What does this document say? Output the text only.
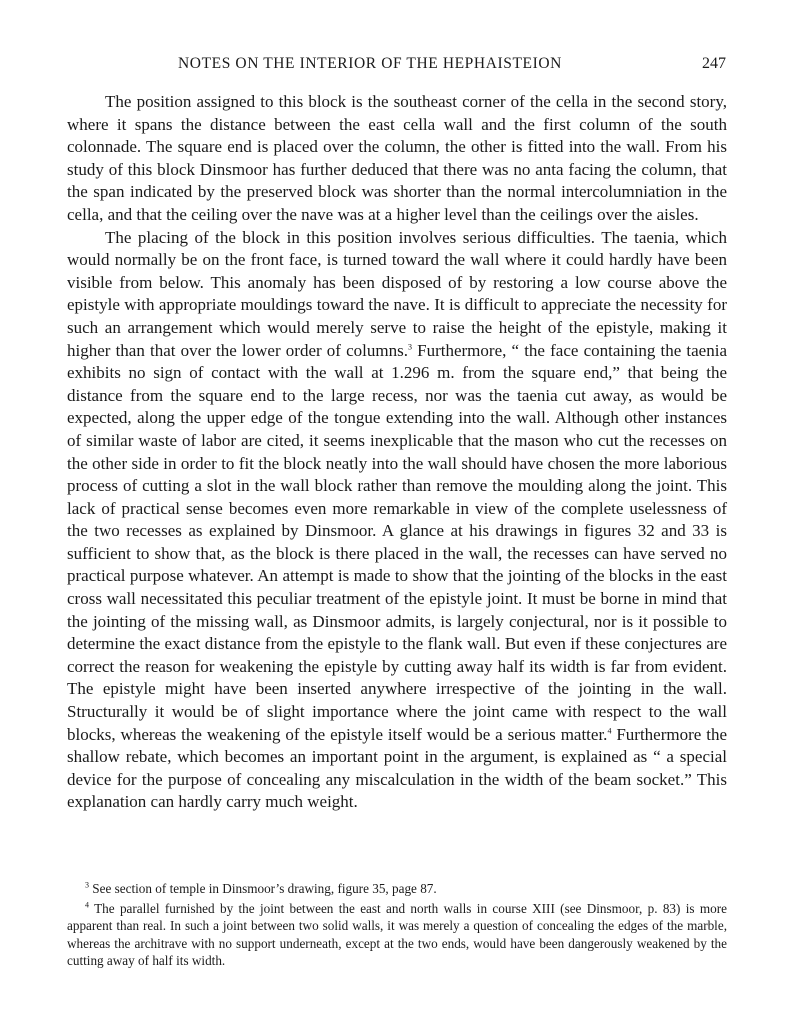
NOTES ON THE INTERIOR OF THE HEPHAISTEION	247

The position assigned to this block is the southeast corner of the cella in the second story, where it spans the distance between the east cella wall and the first column of the south colonnade. The square end is placed over the column, the other is fitted into the wall. From his study of this block Dinsmoor has further deduced that there was no anta facing the column, that the span indicated by the preserved block was shorter than the normal intercolumniation in the cella, and that the ceiling over the nave was at a higher level than the ceilings over the aisles.

The placing of the block in this position involves serious difficulties. The taenia, which would normally be on the front face, is turned toward the wall where it could hardly have been visible from below. This anomaly has been disposed of by restoring a low course above the epistyle with appropriate mouldings toward the nave. It is difficult to appreciate the necessity for such an arrangement which would merely serve to raise the height of the epistyle, making it higher than that over the lower order of columns.$^3$ Furthermore, “ the face containing the taenia exhibits no sign of contact with the wall at 1.296 m. from the square end,” that being the distance from the square end to the large recess, nor was the taenia cut away, as would be expected, along the upper edge of the tongue extending into the wall. Although other instances of similar waste of labor are cited, it seems inexplicable that the mason who cut the recesses on the other side in order to fit the block neatly into the wall should have chosen the more laborious process of cutting a slot in the wall block rather than remove the moulding along the joint. This lack of practical sense becomes even more remarkable in view of the complete uselessness of the two recesses as explained by Dinsmoor. A glance at his drawings in figures 32 and 33 is sufficient to show that, as the block is there placed in the wall, the recesses can have served no practical purpose whatever. An attempt is made to show that the jointing of the blocks in the east cross wall necessitated this peculiar treatment of the epistyle joint. It must be borne in mind that the jointing of the missing wall, as Dinsmoor admits, is largely conjectural, nor is it possible to determine the exact distance from the epistyle to the flank wall. But even if these conjectures are correct the reason for weakening the epistyle by cutting away half its width is far from evident. The epistyle might have been inserted anywhere irrespective of the jointing in the wall. Structurally it would be of slight importance where the joint came with respect to the wall blocks, whereas the weakening of the epistyle itself would be a serious matter.$^4$ Furthermore the shallow rebate, which becomes an important point in the argument, is explained as “ a special device for the purpose of concealing any miscalculation in the width of the beam socket.” This explanation can hardly carry much weight.

$^3$ See section of temple in Dinsmoor’s drawing, figure 35, page 87.

$^4$ The parallel furnished by the joint between the east and north walls in course XIII (see Dinsmoor, p. 83) is more apparent than real. In such a joint between two solid walls, it was merely a question of concealing the edges of the marble, whereas the architrave with no support underneath, except at the two ends, would have been dangerously weakened by the cutting away of half its width.
